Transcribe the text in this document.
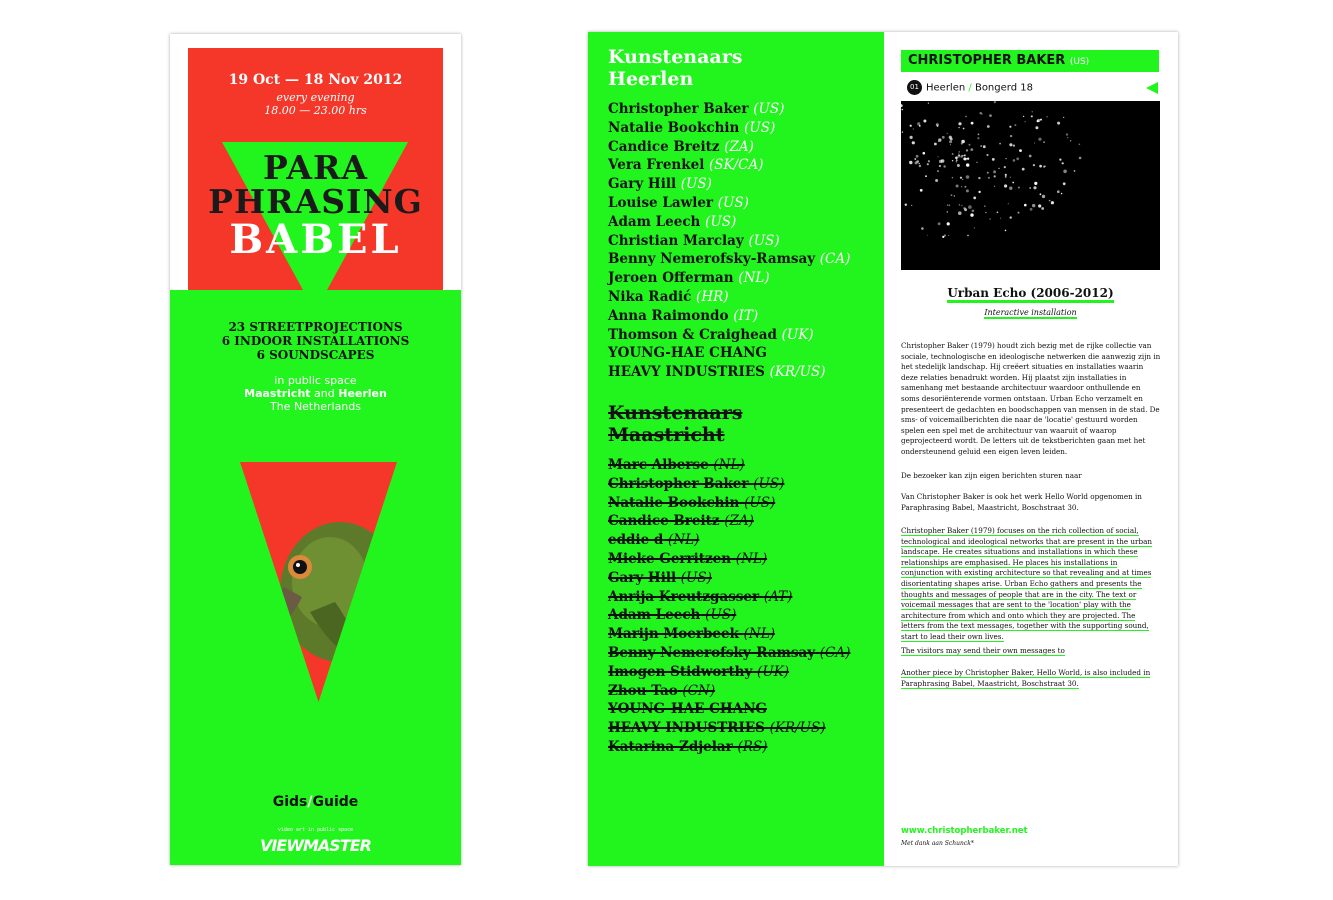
19 Oct — 18 Nov 2012
every evening
18.00 — 23.00 hrs
PARA
PHRASING
BABEL
23 STREETPROJECTIONS
6 INDOOR INSTALLATIONS
6 SOUNDSCAPES
in public space
Maastricht and Heerlen
The Netherlands
Gids/Guide
video art in public space
VIEWMASTER
Kunstenaars
Heerlen
Christopher Baker (US)
Natalie Bookchin (US)
Candice Breitz (ZA)
Vera Frenkel (SK/CA)
Gary Hill (US)
Louise Lawler (US)
Adam Leech (US)
Christian Marclay (US)
Benny Nemerofsky-Ramsay (CA)
Jeroen Offerman (NL)
Nika Radić (HR)
Anna Raimondo (IT)
Thomson & Craighead (UK)
YOUNG-HAE CHANG
HEAVY INDUSTRIES (KR/US)
Kunstenaars
Maastricht
Marc Alberse (NL)
Christopher Baker (US)
Natalie Bookchin (US)
Candice Breitz (ZA)
eddie d (NL)
Mieke Gerritzen (NL)
Gary Hill (US)
Anrija Kreutzgasser (AT)
Adam Leech (US)
Marijn Moerbeek (NL)
Benny Nemerofsky-Ramsay (CA)
Imogen Stidworthy (UK)
Zhou Tao (CN)
YOUNG-HAE CHANG
HEAVY INDUSTRIES (KR/US)
Katarina Zdjelar (RS)
CHRISTOPHER BAKER (US)
01 Heerlen / Bongerd 18
Urban Echo (2006-2012)
Interactive installation
Christopher Baker (1979) houdt zich bezig met de rijke collectie van sociale, technologische en ideologische netwerken die aanwezig zijn in het stedelijk landschap. Hij creëert situaties en installaties waarin deze relaties benadrukt worden. Hij plaatst zijn installaties in samenhang met bestaande architectuur waardoor onthullende en soms desoriënterende vormen ontstaan. Urban Echo verzamelt en presenteert de gedachten en boodschappen van mensen in de stad. De sms- of voicemailberichten die naar de 'locatie' gestuurd worden spelen een spel met de architectuur van waaruit of waarop geprojecteerd wordt. De letters uit de tekstberichten gaan met het ondersteunend geluid een eigen leven leiden.
De bezoeker kan zijn eigen berichten sturen naar
Van Christopher Baker is ook het werk Hello World opgenomen in Paraphrasing Babel, Maastricht, Boschstraat 30.
Christopher Baker (1979) focuses on the rich collection of social, technological and ideological networks that are present in the urban landscape. He creates situations and installations in which these relationships are emphasised. He places his installations in conjunction with existing architecture so that revealing and at times disorientating shapes arise. Urban Echo gathers and presents the thoughts and messages of people that are in the city. The text or voicemail messages that are sent to the 'location' play with the architecture from which and onto which they are projected. The letters from the text messages, together with the supporting sound, start to lead their own lives.
The visitors may send their own messages to
Another piece by Christopher Baker, Hello World, is also included in Paraphrasing Babel, Maastricht, Boschstraat 30.
www.christopherbaker.net
Met dank aan Schunck*
